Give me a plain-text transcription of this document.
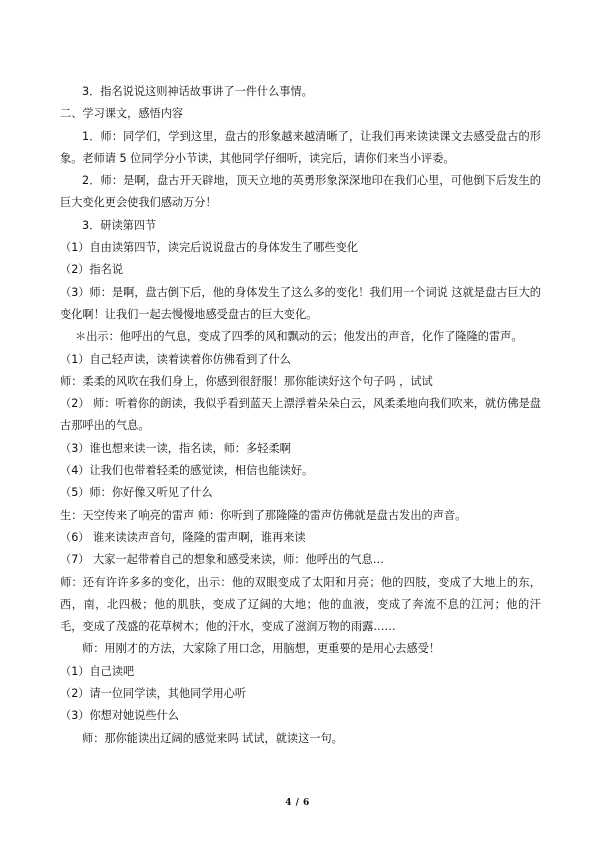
3．指名说说这则神话故事讲了一件什么事情。

二、学习课文，感悟内容

1．师：同学们，学到这里，盘古的形象越来越清晰了，让我们再来读读课文去感受盘古的形象。老师请 5 位同学分小节读，其他同学仔细听，读完后，请你们来当小评委。

2．师：是啊，盘古开天辟地，顶天立地的英勇形象深深地印在我们心里，可他倒下后发生的巨大变化更会使我们感动万分！

3．研读第四节

（1）自由读第四节，读完后说说盘古的身体发生了哪些变化

（2）指名说

（3）师：是啊，盘古倒下后，他的身体发生了这么多的变化！我们用一个词说 这就是盘古巨大的变化啊！让我们一起去慢慢地感受盘古的巨大变化。

＊出示：他呼出的气息，变成了四季的风和飘动的云；他发出的声音，化作了隆隆的雷声。

（1）自己轻声读，读着读着你仿佛看到了什么

师：柔柔的风吹在我们身上，你感到很舒服！那你能读好这个句子吗 ，试试

（2） 师：听着你的朗读，我似乎看到蓝天上漂浮着朵朵白云，风柔柔地向我们吹来，就仿佛是盘古那呼出的气息。

（3）谁也想来读一读，指名读，师：多轻柔啊

（4）让我们也带着轻柔的感觉读，相信也能读好。

（5）师：你好像又听见了什么

生：天空传来了响亮的雷声 师：你听到了那隆隆的雷声仿佛就是盘古发出的声音。

（6） 谁来读读声音句，隆隆的雷声啊，谁再来读

（7） 大家一起带着自己的想象和感受来读，师：他呼出的气息…

师：还有许许多多的变化，出示：他的双眼变成了太阳和月亮；他的四肢，变成了大地上的东，西，南，北四极；他的肌肤，变成了辽阔的大地；他的血液，变成了奔流不息的江河；他的汗毛，变成了茂盛的花草树木；他的汗水，变成了滋润万物的雨露……

师：用刚才的方法，大家除了用口念，用脑想，更重要的是用心去感受！

（1）自己读吧

（2）请一位同学读，其他同学用心听

（3）你想对她说些什么

师：那你能读出辽阔的感觉来吗 试试，就读这一句。

4 / 6
